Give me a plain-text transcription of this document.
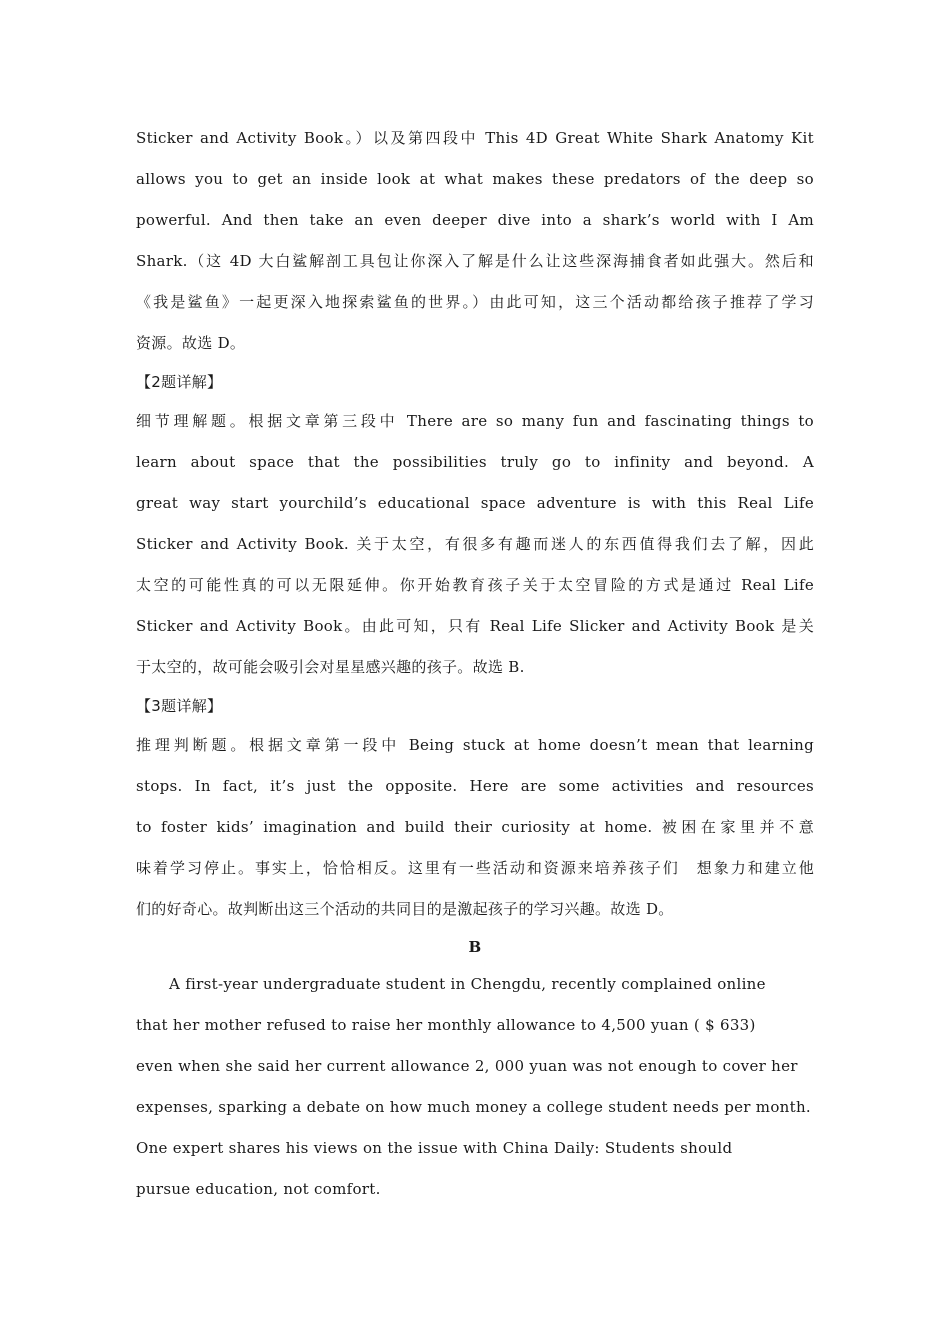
Sticker and Activity Book。）以及第四段中 This 4D Great White Shark Anatomy Kit
allows you to get an inside look at what makes these predators of the deep so
powerful. And then take an even deeper dive into a shark’s world with I Am
Shark.（这 4D 大白鲨解剖工具包让你深入了解是什么让这些深海捕食者如此强大。然后和
《我是鲨鱼》一起更深入地探索鲨鱼的世界。）由此可知，这三个活动都给孩子推荐了学习
资源。故选 D。
【2题详解】
细节理解题。根据文章第三段中 There are so many fun and fascinating things to
learn about space that the possibilities truly go to infinity and beyond. A
great way start yourchild’s educational space adventure is with this Real Life
Sticker and Activity Book. 关于太空，有很多有趣而迷人的东西值得我们去了解，因此
太空的可能性真的可以无限延伸。你开始教育孩子关于太空冒险的方式是通过 Real Life
Sticker and Activity Book。由此可知，只有 Real Life Slicker and Activity Book 是关
于太空的，故可能会吸引会对星星感兴趣的孩子。故选 B.
【3题详解】
推理判断题。根据文章第一段中 Being stuck at home doesn’t mean that learning
stops. In fact, it’s just the opposite. Here are some activities and resources
to foster kids’ imagination and build their curiosity at home. 被困在家里并不意
味着学习停止。事实上，恰恰相反。这里有一些活动和资源来培养孩子们　想象力和建立他
们的好奇心。故判断出这三个活动的共同目的是激起孩子的学习兴趣。故选 D。
B
A first-year undergraduate student in Chengdu, recently complained online
that her mother refused to raise her monthly allowance to 4,500 yuan ( $ 633)
even when she said her current allowance 2, 000 yuan was not enough to cover her
expenses, sparking a debate on how much money a college student needs per month.
One expert shares his views on the issue with China Daily: Students should
pursue education, not comfort.
